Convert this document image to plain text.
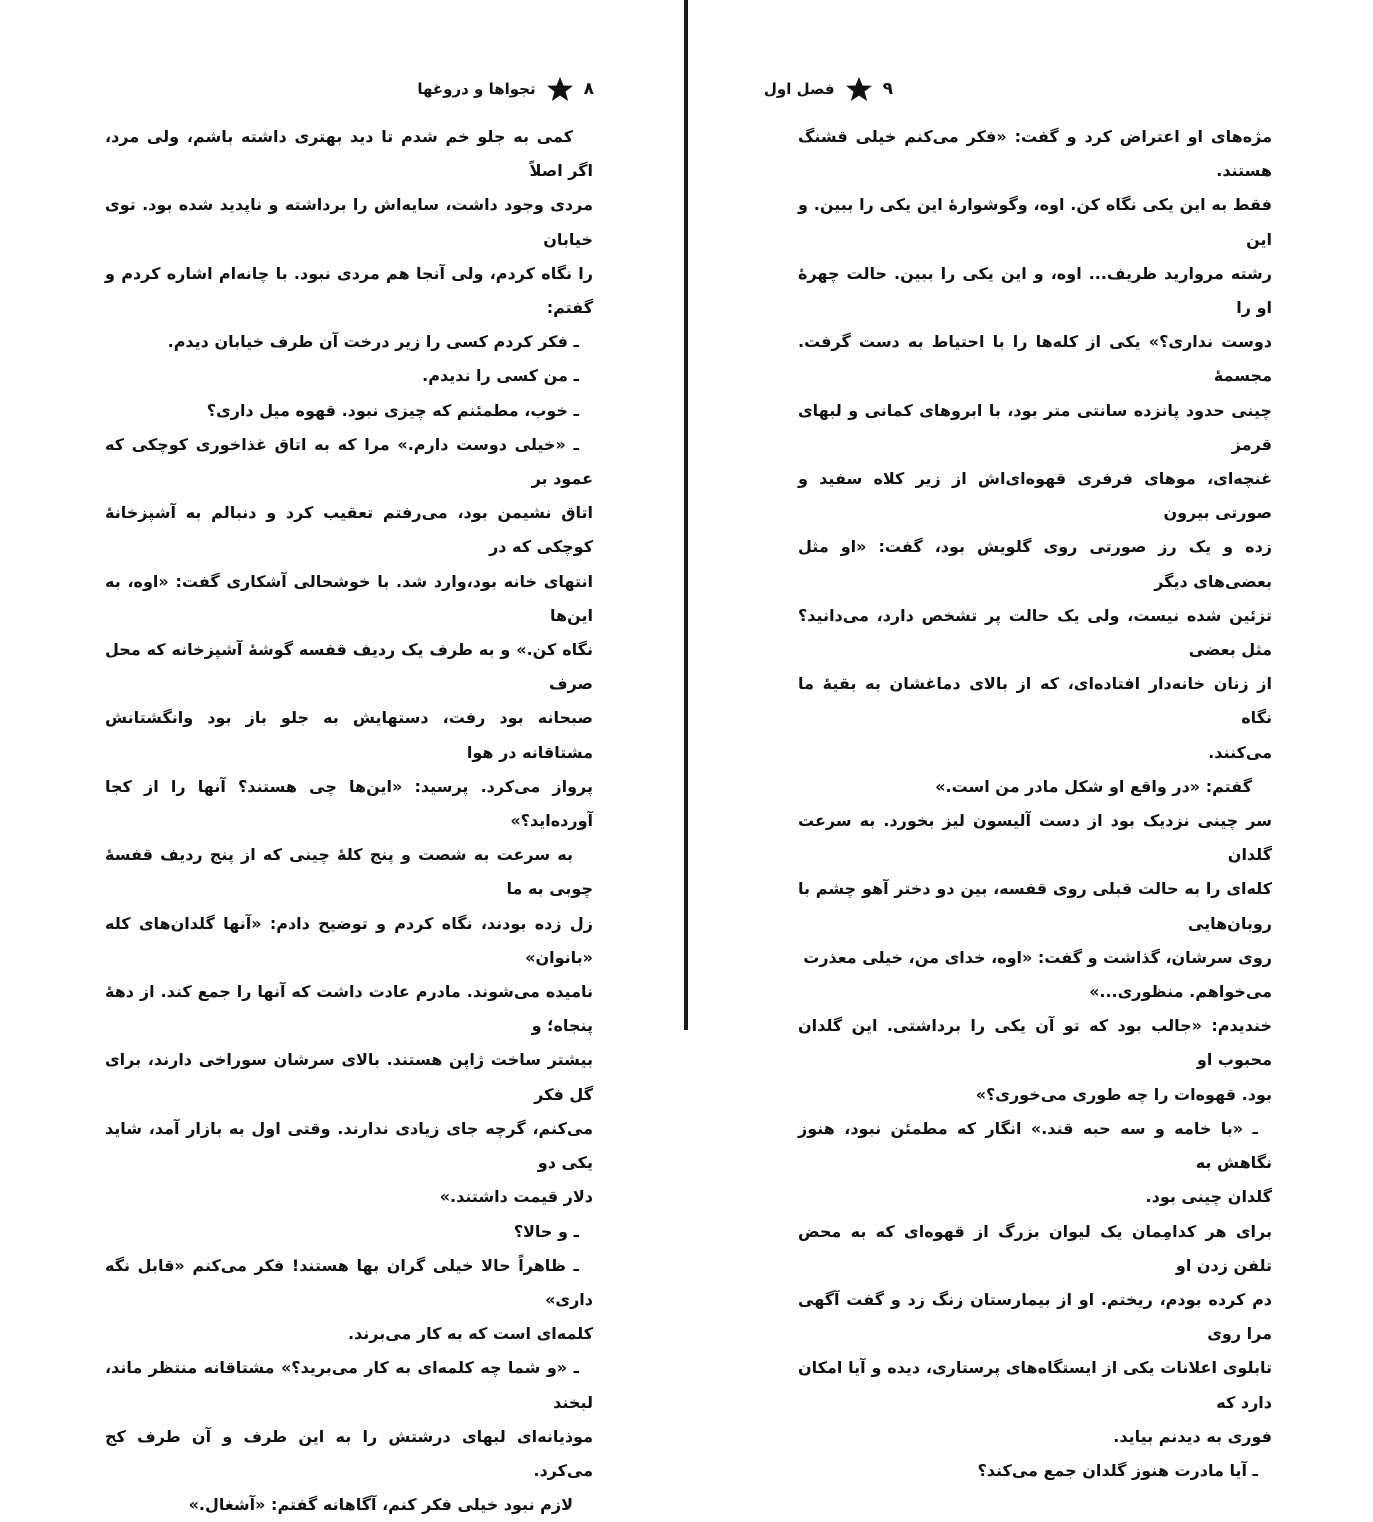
۸
تجواها و دروغها

کمی به جلو خم شدم تا دید بهتری داشته باشم، ولی مرد، اگر اصلاً
مردی وجود داشت، سایه‌اش را برداشته و ناپدید شده بود. توی خیابان
را نگاه کردم، ولی آنجا هم مردی نبود. با چانه‌ام اشاره کردم و گفتم:

ـ فکر کردم کسی را زیر درخت آن طرف خیابان دیدم.

ـ من کسی را ندیدم.

ـ خوب، مطمئنم که چیزی نبود. قهوه میل داری؟

ـ «خیلی دوست دارم.» مرا که به اتاق غذاخوری کوچکی که عمود بر
اتاق نشیمن بود، می‌رفتم تعقیب کرد و دنبالم به آشپزخانهٔ کوچکی که در
انتهای خانه بود،وارد شد. با خوشحالی آشکاری گفت: «اوه، به این‌ها
نگاه کن.» و به طرف یک ردیف قفسه گوشهٔ آشپزخانه که محل صرف
صبحانه بود رفت، دستهایش به جلو باز بود وانگشتانش مشتاقانه در هوا
پرواز می‌کرد. پرسید: «این‌ها چی هستند؟ آنها را از کجا آورده‌اید؟»

به سرعت به شصت و پنج کلهٔ چینی که از پنج ردیف قفسهٔ چوبی به ما
زل زده بودند، نگاه کردم و توضیح دادم: «آنها گلدان‌های کله «بانوان»
نامیده می‌شوند. مادرم عادت داشت که آنها را جمع کند. از دههٔ پنجاه؛ و
بیشتر ساخت ژاپن هستند. بالای سرشان سوراخی دارند، برای گل فکر
می‌کنم، گرچه جای زیادی ندارند. وقتی اول به بازار آمد، شاید یکی دو
دلار قیمت داشتند.»

ـ و حالا؟

ـ ظاهراً حالا خیلی گران بها هستند! فکر می‌کنم «قابل نگه داری»
کلمه‌ای است که به کار می‌برند.

ـ «و شما چه کلمه‌ای به کار می‌برید؟» مشتاقانه منتظر ماند، لبخند
موذیانه‌ای لبهای درشتش را به این طرف و آن طرف کج می‌کرد.

لازم نبود خیلی فکر کنم، آگاهانه گفتم: «آشغال.»

۹
فصل اول

مژه‌های او اعتراض کرد و گفت: «فکر می‌کنم خیلی قشنگ هستند.
فقط به این یکی نگاه کن. اوه، وگوشوارهٔ این یکی را ببین. و این
رشته مروارید ظریف... اوه، و این یکی را ببین. حالت چهرهٔ او را
دوست نداری؟» یکی از کله‌ها را با احتیاط به دست گرفت. مجسمهٔ
چینی حدود پانزده سانتی متر بود، با ابروهای کمانی و لبهای قرمز
غنچه‌ای، موهای فرفری قهوه‌ای‌اش از زیر کلاه سفید و صورتی بیرون
زده و یک رز صورتی روی گلویش بود، گفت: «او مثل بعضی‌های دیگر
تزئین شده نیست، ولی یک حالت پر تشخص دارد، می‌دانید؟ مثل بعضی
از زنان خانه‌دار افتاده‌ای، که از بالای دماغشان به بقیهٔ ما نگاه
می‌کنند.

گفتم: «در واقع او شکل مادر من است.»

سر چینی نزدیک بود از دست آلیسون لیز بخورد. به سرعت گلدان
کله‌ای را به حالت قبلی روی قفسه، بین دو دختر آهو چشم با روبان‌هایی
روی سرشان، گذاشت و گفت: «اوه، خدای من، خیلی معذرت
می‌خواهم. منظوری...»

خندیدم: «جالب بود که تو آن یکی را برداشتی. این گلدان محبوب او
بود. قهوه‌ات را چه طوری می‌خوری؟»

ـ «با خامه و سه حبه قند.» انگار که مطمئن نبود، هنوز نگاهش به
گلدان چینی بود.

برای هر کدامِمان یک لیوان بزرگ از قهوه‌ای که به محض تلفن زدن او
دم کرده بودم، ریختم. او از بیمارستان زنگ زد و گفت آگهی مرا روی
تابلوی اعلانات یکی از ایستگاه‌های پرستاری، دیده و آیا امکان دارد که
فوری به دیدنم بیاید.

ـ آیا مادرت هنوز گلدان جمع می‌کند؟
